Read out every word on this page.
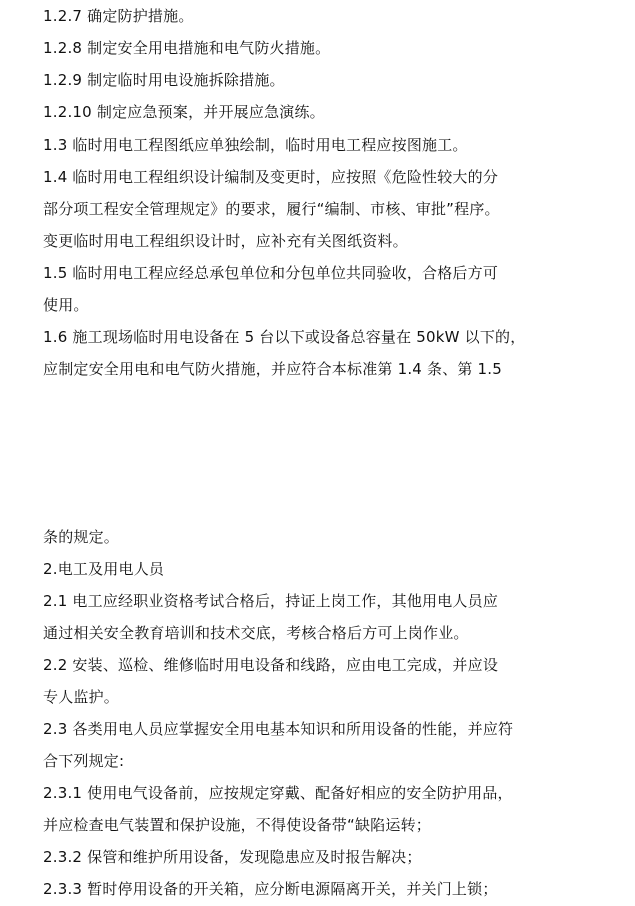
1.2.7 确定防护措施。
1.2.8 制定安全用电措施和电气防火措施。
1.2.9 制定临时用电设施拆除措施。
1.2.10 制定应急预案，并开展应急演练。
1.3 临时用电工程图纸应单独绘制，临时用电工程应按图施工。
1.4 临时用电工程组织设计编制及变更时，应按照《危险性较大的分
部分项工程安全管理规定》的要求，履行“编制、市核、审批”程序。
变更临时用电工程组织设计时，应补充有关图纸资料。
1.5 临时用电工程应经总承包单位和分包单位共同验收，合格后方可
使用。
1.6 施工现场临时用电设备在 5 台以下或设备总容量在 50kW 以下的，
应制定安全用电和电气防火措施，并应符合本标准第 1.4 条、第 1.5
条的规定。
2.电工及用电人员
2.1 电工应经职业资格考试合格后，持证上岗工作，其他用电人员应
通过相关安全教育培训和技术交底，考核合格后方可上岗作业。
2.2 安装、巡检、维修临时用电设备和线路，应由电工完成，并应设
专人监护。
2.3 各类用电人员应掌握安全用电基本知识和所用设备的性能，并应符
合下列规定:
2.3.1 使用电气设备前，应按规定穿戴、配备好相应的安全防护用品，
并应检查电气装置和保护设施，不得使设备带“缺陷运转；
2.3.2 保管和维护所用设备，发现隐患应及时报告解决；
2.3.3 暂时停用设备的开关箱，应分断电源隔离开关，并关门上锁；
